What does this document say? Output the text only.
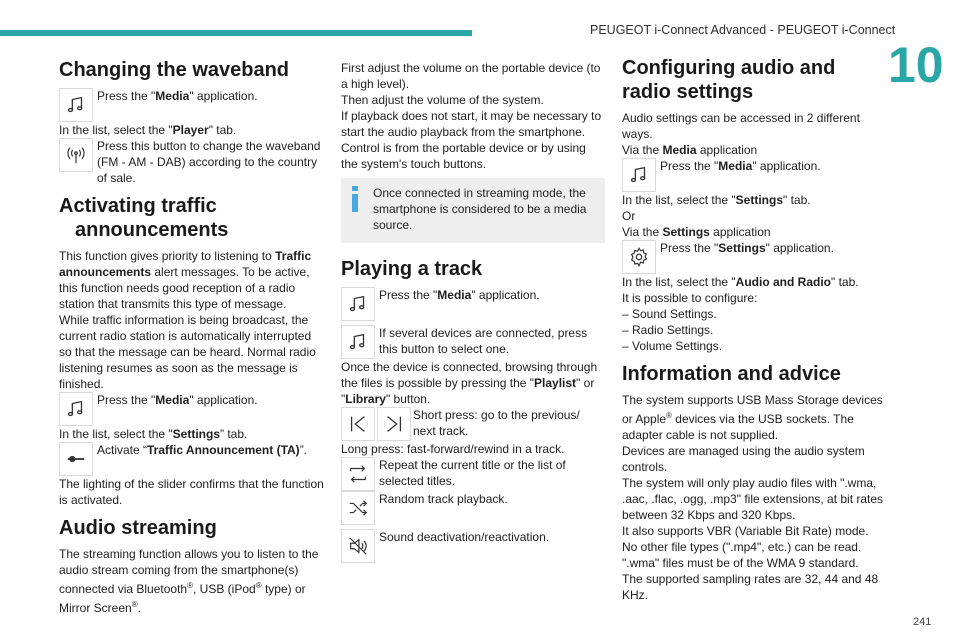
PEUGEOT i-Connect Advanced - PEUGEOT i-Connect
10
241
Changing the waveband

Press the "Media" application.

In the list, select the "Player" tab.

Press this button to change the waveband (FM - AM - DAB) according to the country of sale.

Activating traffic announcements

This function gives priority to listening to Traffic announcements alert messages. To be active, this function needs good reception of a radio station that transmits this type of message.

While traffic information is being broadcast, the current radio station is automatically interrupted so that the message can be heard. Normal radio listening resumes as soon as the message is finished.

Press the "Media" application.

In the list, select the "Settings” tab.

Activate “Traffic Announcement (TA)”.

The lighting of the slider confirms that the function is activated.

Audio streaming

The streaming function allows you to listen to the audio stream coming from the smartphone(s) connected via Bluetooth®, USB (iPod® type) or Mirror Screen®.

First adjust the volume on the portable device (to a high level).

Then adjust the volume of the system.

If playback does not start, it may be necessary to start the audio playback from the smartphone.

Control is from the portable device or by using the system's touch buttons.

Once connected in streaming mode, the smartphone is considered to be a media source.
Playing a track

Press the "Media" application.

If several devices are connected, press this button to select one.

Once the device is connected, browsing through the files is possible by pressing the "Playlist" or "Library" button.

Short press: go to the previous/ next track.

Long press: fast-forward/rewind in a track.

Repeat the current title or the list of selected titles.

Random track playback.

Sound deactivation/reactivation.

Configuring audio and radio settings

Audio settings can be accessed in 2 different ways.

Via the Media application

Press the "Media" application.

In the list, select the "Settings" tab.

Or

Via the Settings application

Press the "Settings" application.

In the list, select the "Audio and Radio" tab.

It is possible to configure:

– Sound Settings.

– Radio Settings.

– Volume Settings.

Information and advice

The system supports USB Mass Storage devices or Apple® devices via the USB sockets. The adapter cable is not supplied.

Devices are managed using the audio system controls.

The system will only play audio files with ".wma, .aac, .flac, .ogg, .mp3" file extensions, at bit rates between 32 Kbps and 320 Kbps.

It also supports VBR (Variable Bit Rate) mode.

No other file types (".mp4", etc.) can be read.

".wma" files must be of the WMA 9 standard.

The supported sampling rates are 32, 44 and 48 KHz.
